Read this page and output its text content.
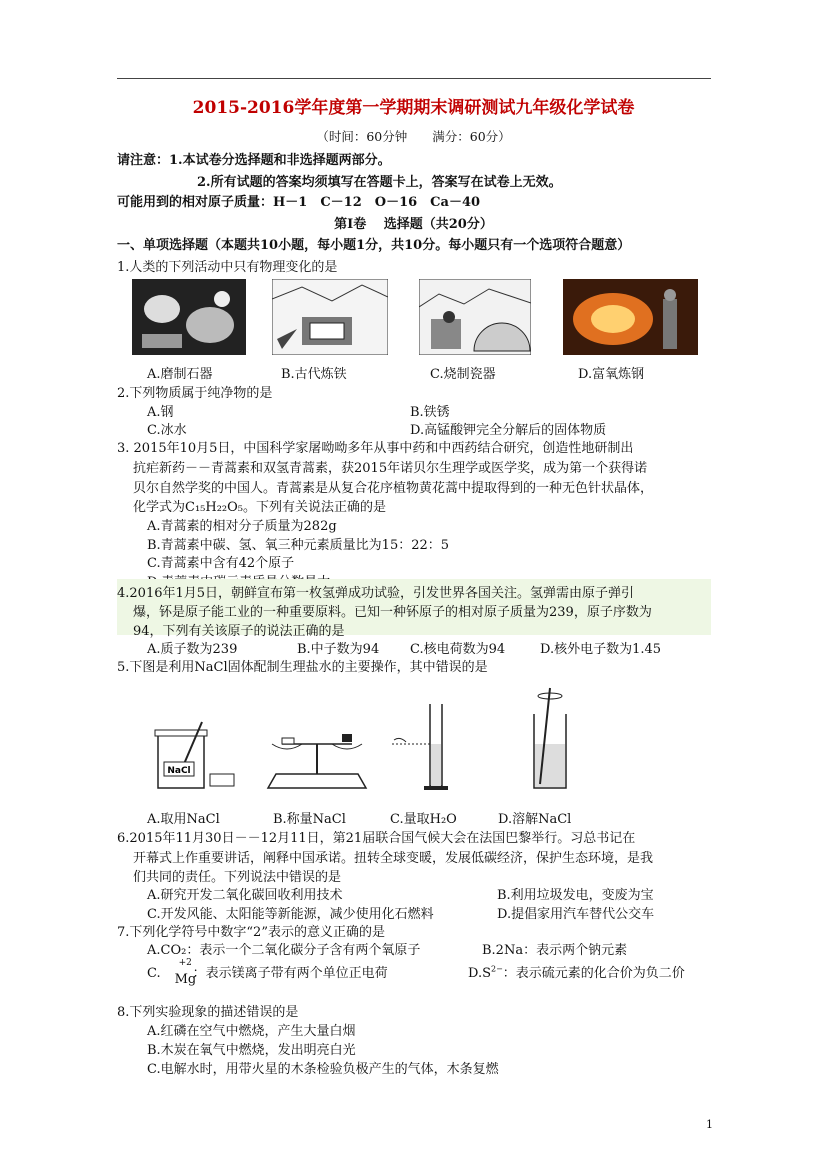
2015-2016学年度第一学期期末调研测试九年级化学试卷
（时间：60分钟　　满分：60分）
请注意：1.本试卷分选择题和非选择题两部分。
2.所有试题的答案均须填写在答题卡上，答案写在试卷上无效。
可能用到的相对原子质量：H－1　C－12　O－16　Ca－40
第Ⅰ卷　 选择题（共20分）
一、单项选择题（本题共10小题，每小题1分，共10分。每小题只有一个选项符合题意）
1.人类的下列活动中只有物理变化的是
A.磨制石器	B.古代炼铁	C.烧制瓷器	D.富氧炼钢
2.下列物质属于纯净物的是
A.钢	B.铁锈
C.冰水	D.高锰酸钾完全分解后的固体物质
3. 2015年10月5日，中国科学家屠呦呦多年从事中药和中西药结合研究，创造性地研制出
抗疟新药－－青蒿素和双氢青蒿素，获2015年诺贝尔生理学或医学奖，成为第一个获得诺
贝尔自然学奖的中国人。青蒿素是从复合花序植物黄花蒿中提取得到的一种无色针状晶体，
化学式为C₁₅H₂₂O₅。下列有关说法正确的是
A.青蒿素的相对分子质量为282g
B.青蒿素中碳、氢、氧三种元素质量比为15：22：5
C.青蒿素中含有42个原子
4.2016年1月5日，朝鲜宣布第一枚氢弹成功试验，引发世界各国关注。氢弹需由原子弹引
爆，钚是原子能工业的一种重要原料。已知一种钚原子的相对原子质量为239，原子序数为
94，下列有关该原子的说法正确的是
A.质子数为239	B.中子数为94 C.核电荷数为94	D.核外电子数为1.45
5.下图是利用NaCl固体配制生理盐水的主要操作，其中错误的是
NaCl
A.取用NaCl	B.称量NaCl	C.量取H₂O	D.溶解NaCl
6.2015年11月30日－－12月11日，第21届联合国气候大会在法国巴黎举行。习总书记在
开幕式上作重要讲话，阐释中国承诺。扭转全球变暖，发展低碳经济，保护生态环境，是我
们共同的责任。下列说法中错误的是
A.研究开发二氧化碳回收利用技术	B.利用垃圾发电，变废为宝
C.开发风能、太阳能等新能源，减少使用化石燃料	D.提倡家用汽车替代公交车
7.下列化学符号中数字“2”表示的意义正确的是
A.CO₂：表示一个二氧化碳分子含有两个氧原子	B.2Na：表示两个钠元素
C.
+2
Mg：表示镁离子带有两个单位正电荷	$D.S^{2-}$：表示硫元素的化合价为负二价
8.下列实验现象的描述错误的是
A.红磷在空气中燃烧，产生大量白烟
B.木炭在氧气中燃烧，发出明亮白光
C.电解水时，用带火星的木条检验负极产生的气体，木条复燃
1
